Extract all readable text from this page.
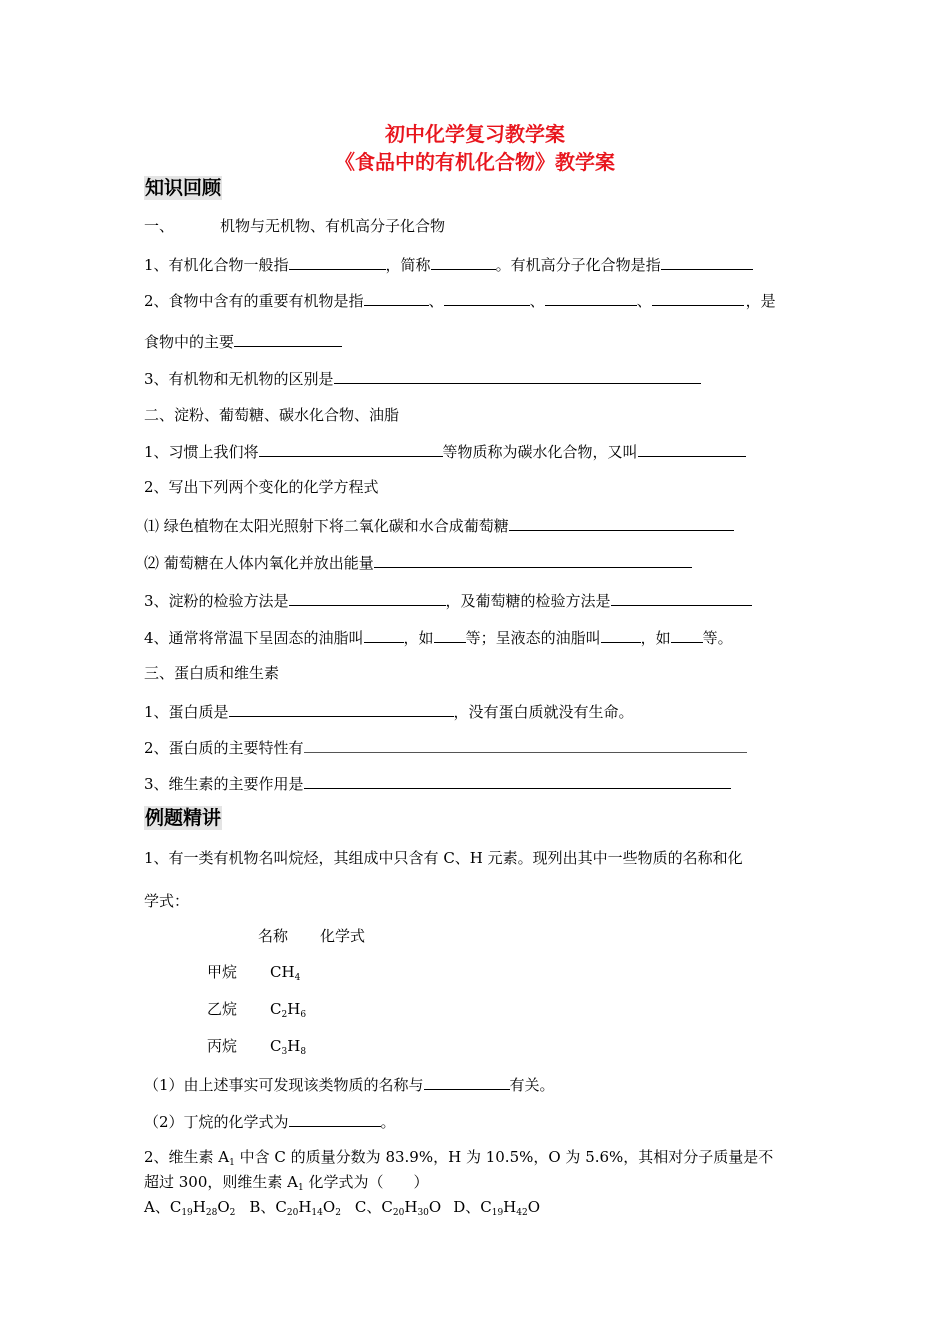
初中化学复习教学案
《食品中的有机化合物》教学案
知识回顾
一、	机物与无机物、有机高分子化合物
1、有机化合物一般指	，简称	。有机高分子化合物是指
2、食物中含有的重要有机物是指	、	、	、	，是
食物中的主要
3、有机物和无机物的区别是
二、淀粉、葡萄糖、碳水化合物、油脂
1、习惯上我们将	等物质称为碳水化合物，又叫
2、写出下列两个变化的化学方程式
⑴ 绿色植物在太阳光照射下将二氧化碳和水合成葡萄糖
⑵ 葡萄糖在人体内氧化并放出能量
3、淀粉的检验方法是	，及葡萄糖的检验方法是
4、通常将常温下呈固态的油脂叫	，如 等；呈液态的油脂叫	，如 等。
三、蛋白质和维生素
1、蛋白质是	，没有蛋白质就没有生命。
2、蛋白质的主要特性有
3、维生素的主要作用是
例题精讲
1、有一类有机物名叫烷烃，其组成中只含有 C、H 元素。现列出其中一些物质的名称和化
学式：
名称 化学式
甲烷 $CH_4$
乙烷 $C_2H_6$
丙烷 $C_3H_8$
（1）由上述事实可发现该类物质的名称与	有关。
（2）丁烷的化学式为	。
2、维生素 $A_1$ 中含 C 的质量分数为 83.9%，H 为 10.5%，O 为 5.6%，其相对分子质量是不
超过 300，则维生素 $A_1$ 化学式为（　　）
A、$C_{19}H_{28}O_2$ B、$C_{20}H_{14}O_2$ C、$C_{20}H_{30}O$ D、$C_{19}H_{42}O$
